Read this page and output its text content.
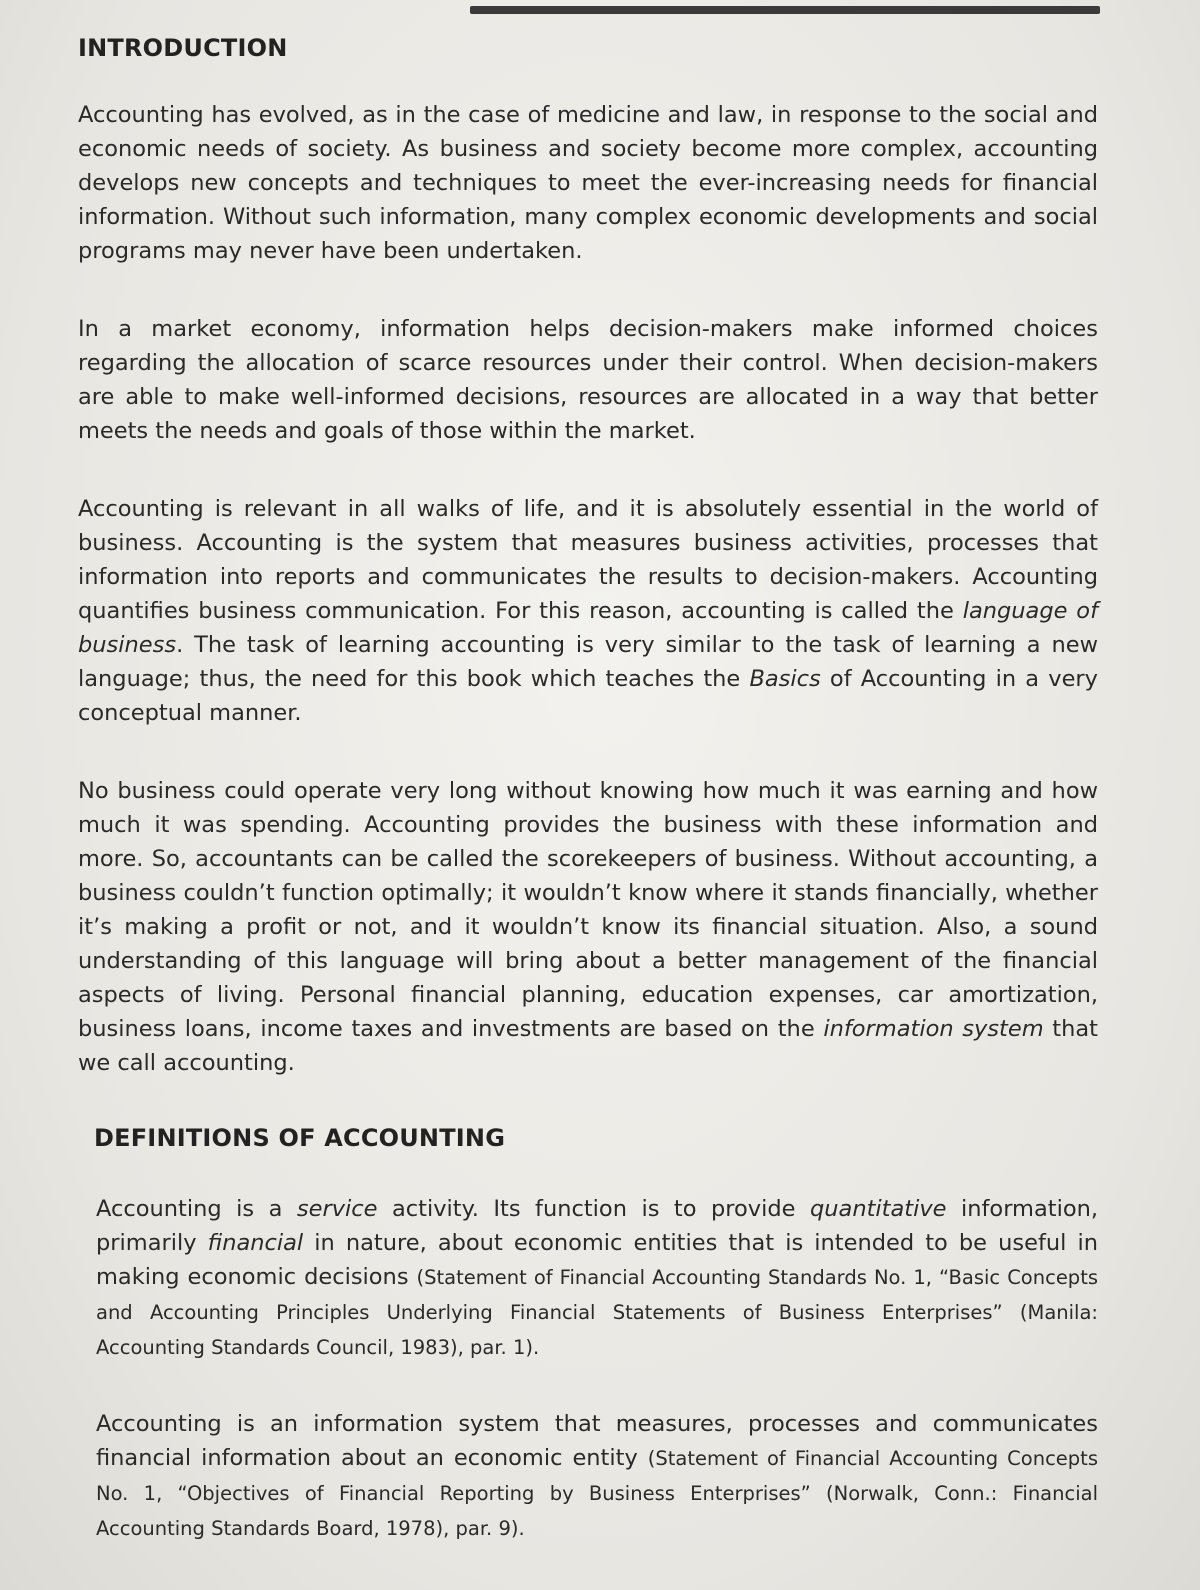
INTRODUCTION

Accounting has evolved, as in the case of medicine and law, in response to the social and economic needs of society. As business and society become more complex, accounting develops new concepts and techniques to meet the ever-increasing needs for financial information. Without such information, many complex economic developments and social programs may never have been undertaken.

In a market economy, information helps decision-makers make informed choices regarding the allocation of scarce resources under their control. When decision-makers are able to make well-informed decisions, resources are allocated in a way that better meets the needs and goals of those within the market.

Accounting is relevant in all walks of life, and it is absolutely essential in the world of business. Accounting is the system that measures business activities, processes that information into reports and communicates the results to decision-makers. Accounting quantifies business communication. For this reason, accounting is called the language of business. The task of learning accounting is very similar to the task of learning a new language; thus, the need for this book which teaches the Basics of Accounting in a very conceptual manner.

No business could operate very long without knowing how much it was earning and how much it was spending. Accounting provides the business with these information and more. So, accountants can be called the scorekeepers of business. Without accounting, a business couldn’t function optimally; it wouldn’t know where it stands financially, whether it’s making a profit or not, and it wouldn’t know its financial situation. Also, a sound understanding of this language will bring about a better management of the financial aspects of living. Personal financial planning, education expenses, car amortization, business loans, income taxes and investments are based on the information system that we call accounting.

DEFINITIONS OF ACCOUNTING

Accounting is a service activity. Its function is to provide quantitative information, primarily financial in nature, about economic entities that is intended to be useful in making economic decisions (Statement of Financial Accounting Standards No. 1, “Basic Concepts and Accounting Principles Underlying Financial Statements of Business Enterprises” (Manila: Accounting Standards Council, 1983), par. 1).

Accounting is an information system that measures, processes and communicates financial information about an economic entity (Statement of Financial Accounting Concepts No. 1, “Objectives of Financial Reporting by Business Enterprises” (Norwalk, Conn.: Financial Accounting Standards Board, 1978), par. 9).
